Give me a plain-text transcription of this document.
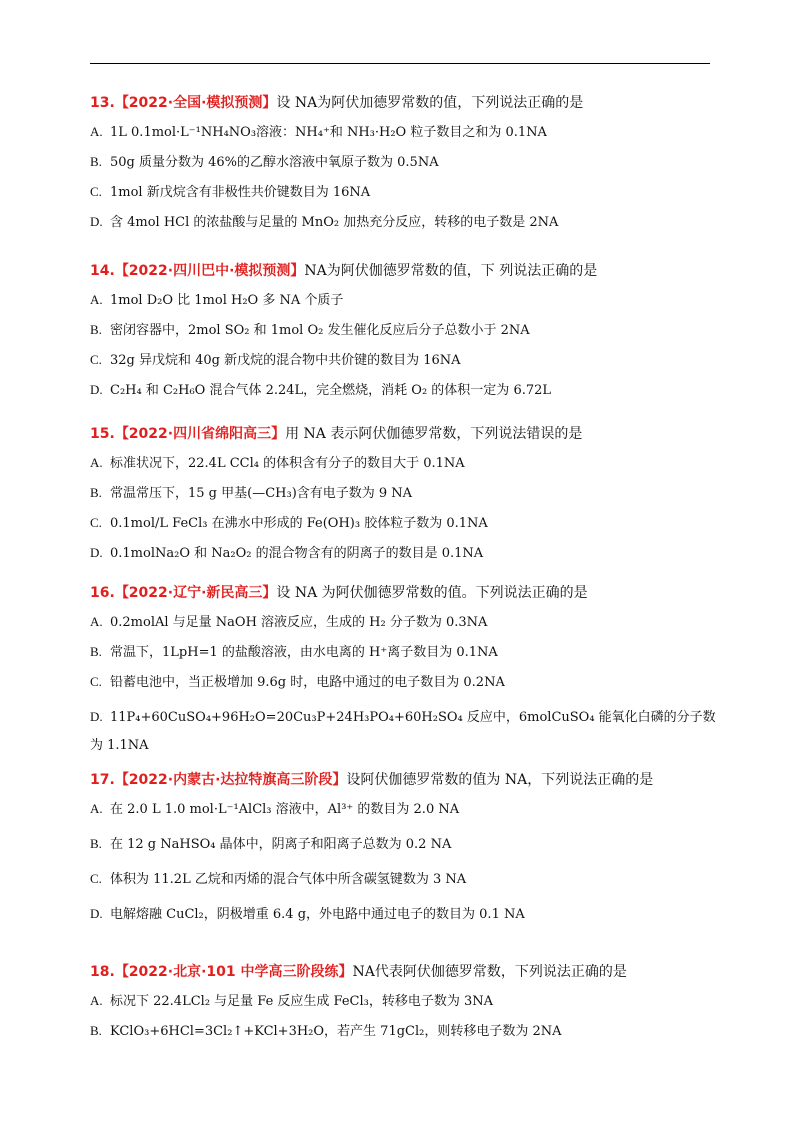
13.【2022·全国·模拟预测】设 NA为阿伏加德罗常数的值，下列说法正确的是
A. 1L 0.1mol·L⁻¹NH₄NO₃溶液：NH₄⁺和 NH₃·H₂O 粒子数目之和为 0.1NA
B. 50g 质量分数为 46%的乙醇水溶液中氧原子数为 0.5NA
C. 1mol 新戊烷含有非极性共价键数目为 16NA
D. 含 4mol HCl 的浓盐酸与足量的 MnO₂ 加热充分反应，转移的电子数是 2NA
14.【2022·四川巴中·模拟预测】NA为阿伏伽德罗常数的值，下 列说法正确的是
A. 1mol D₂O 比 1mol H₂O 多 NA 个质子
B. 密闭容器中，2mol SO₂ 和 1mol O₂ 发生催化反应后分子总数小于 2NA
C. 32g 异戊烷和 40g 新戊烷的混合物中共价键的数目为 16NA
D. C₂H₄ 和 C₂H₆O 混合气体 2.24L，完全燃烧，消耗 O₂ 的体积一定为 6.72L
15.【2022·四川省绵阳高三】用 NA 表示阿伏伽德罗常数，下列说法错误的是
A. 标准状况下，22.4L CCl₄ 的体积含有分子的数目大于 0.1NA
B. 常温常压下，15 g 甲基(—CH₃)含有电子数为 9 NA
C. 0.1mol/L FeCl₃ 在沸水中形成的 Fe(OH)₃ 胶体粒子数为 0.1NA
D. 0.1molNa₂O 和 Na₂O₂ 的混合物含有的阴离子的数目是 0.1NA
16.【2022·辽宁·新民高三】设 NA 为阿伏伽德罗常数的值。下列说法正确的是
A. 0.2molAl 与足量 NaOH 溶液反应，生成的 H₂ 分子数为 0.3NA
B. 常温下，1LpH=1 的盐酸溶液，由水电离的 H⁺离子数目为 0.1NA
C. 铅蓄电池中，当正极增加 9.6g 时，电路中通过的电子数目为 0.2NA
D. 11P₄+60CuSO₄+96H₂O=20Cu₃P+24H₃PO₄+60H₂SO₄ 反应中，6molCuSO₄ 能氧化白磷的分子数为 1.1NA
17.【2022·内蒙古·达拉特旗高三阶段】设阿伏伽德罗常数的值为 NA，下列说法正确的是
A. 在 2.0 L 1.0 mol·L⁻¹AlCl₃ 溶液中，Al³⁺ 的数目为 2.0 NA
B. 在 12 g NaHSO₄ 晶体中，阴离子和阳离子总数为 0.2 NA
C. 体积为 11.2L 乙烷和丙烯的混合气体中所含碳氢键数为 3 NA
D. 电解熔融 CuCl₂，阴极增重 6.4 g，外电路中通过电子的数目为 0.1 NA
18.【2022·北京·101 中学高三阶段练】NA代表阿伏伽德罗常数，下列说法正确的是
A. 标况下 22.4LCl₂ 与足量 Fe 反应生成 FeCl₃，转移电子数为 3NA
B. KClO₃+6HCl=3Cl₂↑+KCl+3H₂O，若产生 71gCl₂，则转移电子数为 2NA
